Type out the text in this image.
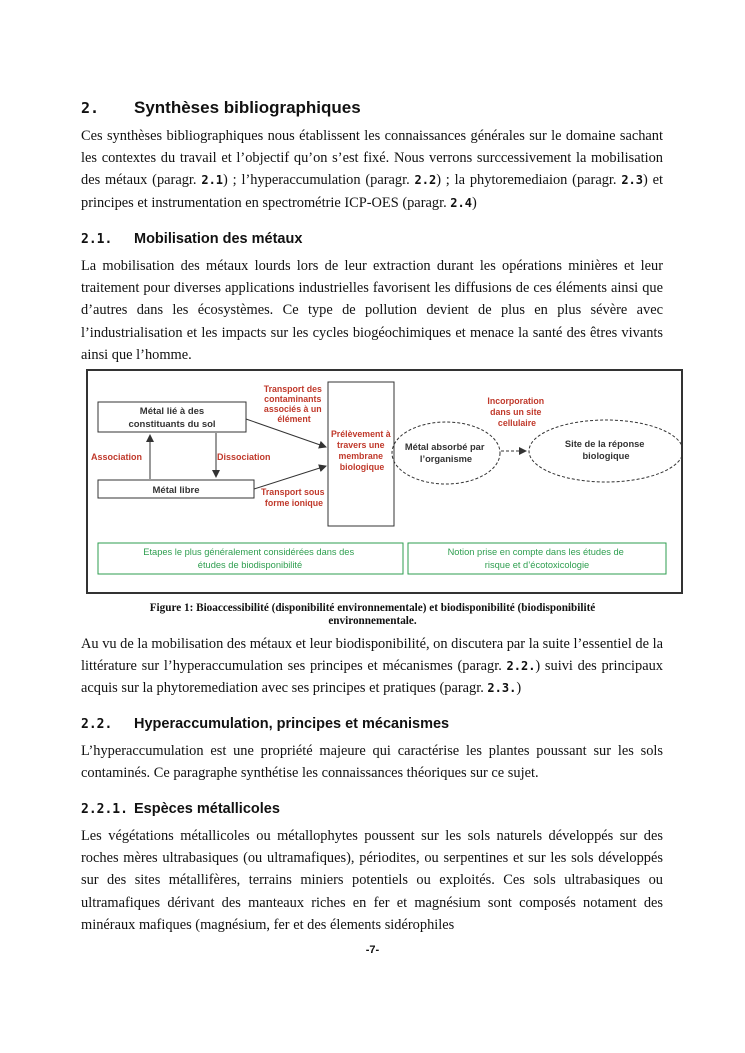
2. Synthèses bibliographiques

Ces synthèses bibliographiques nous établissent les connaissances générales sur le domaine sachant les contextes du travail et l’objectif qu’on s’est fixé. Nous verrons surccessivement la mobilisation des métaux (paragr. 2.1) ; l’hyperaccumulation (paragr. 2.2) ; la phytoremediaion (paragr. 2.3) et principes et instrumentation en spectrométrie ICP-OES (paragr. 2.4)

2.1. Mobilisation des métaux

La mobilisation des métaux lourds lors de leur extraction durant les opérations minières et leur traitement pour diverses applications industrielles favorisent les diffusions de ces éléments ainsi que d’autres dans les écosystèmes. Ce type de pollution devient de plus en plus sévère avec l’industrialisation et les impacts sur les cycles biogéochimiques et menace la santé des êtres vivants ainsi que l’homme.

Métal lié à des
constituants du sol
Métal libre
Association	Dissociation
Transport des contaminants associés à un élément
Transport sous forme ionique
Prélèvement à travers une membrane biologique
Métal absorbé par l’organisme
Incorporation dans un site cellulaire
Site de la réponse biologique
Etapes le plus généralement considérées dans des études de biodisponibilité
Notion prise en compte dans les études de risque et d’écotoxicologie

Figure 1: Bioaccessibilité (disponibilité environnementale) et biodisponibilité (biodisponibilité
environnementale.

Au vu de la mobilisation des métaux et leur biodisponibilité, on discutera par la suite l’essentiel de la littérature sur l’hyperaccumulation ses principes et mécanismes (paragr. 2.2.) suivi des principaux acquis sur la phytoremediation avec ses principes et pratiques (paragr. 2.3.)

2.2. Hyperaccumulation, principes et mécanismes

L’hyperaccumulation est une propriété majeure qui caractérise les plantes poussant sur les sols contaminés. Ce paragraphe synthétise les connaissances théoriques sur ce sujet.

2.2.1. Espèces métallicoles

Les végétations métallicoles ou métallophytes poussent sur les sols naturels développés sur des roches mères ultrabasiques (ou ultramafiques), périodites, ou serpentines et sur les sols développés sur des sites métallifères, terrains miniers potentiels ou exploités. Ces sols ultrabasiques ou ultramafiques dérivant des manteaux riches en fer et magnésium sont composés notament des minéraux mafiques (magnésium, fer et des élements sidérophiles

-7-
